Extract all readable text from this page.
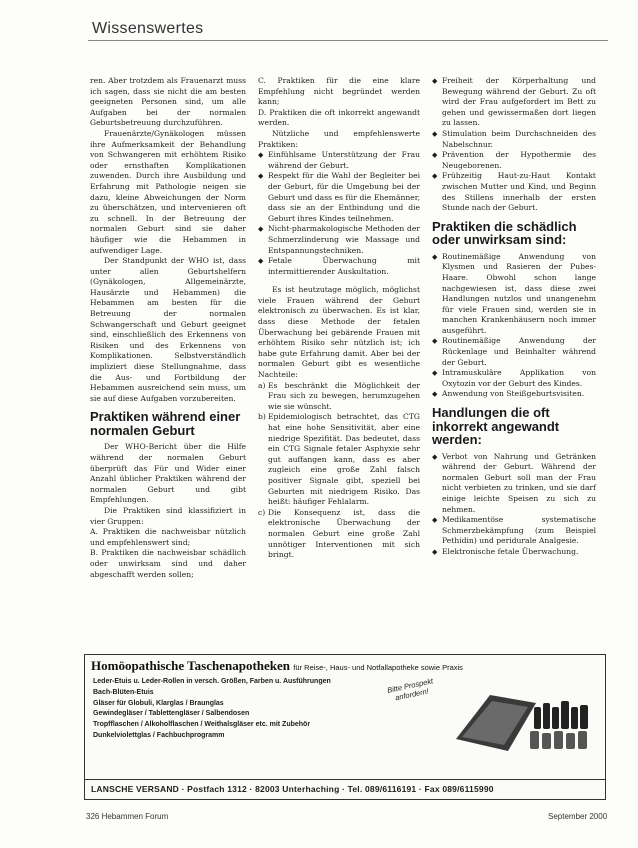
Wissenswertes

ren. Aber trotzdem als Frauenarzt muss ich sagen, dass sie nicht die am besten geeigneten Personen sind, um alle Aufgaben bei der normalen Geburtsbetreuung durchzuführen.

Frauenärzte/Gynäkologen müssen ihre Aufmerksamkeit der Behandlung von Schwangeren mit erhöhtem Risiko oder ernsthaften Komplikationen zuwenden. Durch ihre Ausbildung und Erfahrung mit Pathologie neigen sie dazu, kleine Abweichungen der Norm zu überschätzen, und intervenieren oft zu schnell. In der Betreuung der normalen Geburt sind sie daher häufiger wie die Hebammen in aufwendiger Lage.

Der Standpunkt der WHO ist, dass unter allen Geburtshelfern (Gynäkologen, Allgemeinärzte, Hausärzte und Hebammen) die Hebammen am besten für die Betreuung der normalen Schwangerschaft und Geburt geeignet sind, einschließlich des Erkennens von Risiken und des Erkennens von Komplikationen. Selbstverständlich impliziert diese Stellungnahme, dass die Aus- und Fortbildung der Hebammen ausreichend sein muss, um sie auf diese Aufgaben vorzubereiten.

Praktiken während einer normalen Geburt

Der WHO-Bericht über die Hilfe während der normalen Geburt überprüft das Für und Wider einer Anzahl üblicher Praktiken während der normalen Geburt und gibt Empfehlungen.

Die Praktiken sind klassifiziert in vier Gruppen:

A. Praktiken die nachweisbar nützlich und empfehlenswert sind;

B. Praktiken die nachweisbar schädlich oder unwirksam sind und daher abgeschafft werden sollen;

C. Praktiken für die eine klare Empfehlung nicht begründet werden kann;

D. Praktiken die oft inkorrekt angewandt werden.

Nützliche und empfehlenswerte Praktiken:

◆ Einfühlsame Unterstützung der Frau während der Geburt.
◆ Respekt für die Wahl der Begleiter bei der Geburt, für die Umgebung bei der Geburt und dass es für die Ehemänner, dass sie an der Entbindung und die Geburt ihres Kindes teilnehmen.
◆ Nicht-pharmakologische Methoden der Schmerzlinderung wie Massage und Entspannungstechniken.
◆ Fetale Überwachung mit intermittierender Auskultation.

Es ist heutzutage möglich, möglichst viele Frauen während der Geburt elektronisch zu überwachen. Es ist klar, dass diese Methode der fetalen Überwachung bei gebärende Frauen mit erhöhtem Risiko sehr nützlich ist; ich habe gute Erfahrung damit. Aber bei der normalen Geburt gibt es wesentliche Nachteile:

a) Es beschränkt die Möglichkeit der Frau sich zu bewegen, herumzugehen wie sie wünscht.
b) Epidemiologisch betrachtet, das CTG hat eine hohe Sensitivität, aber eine niedrige Spezifität. Das bedeutet, dass ein CTG Signale fetaler Asphyxie sehr gut auffangen kann, dass es aber zugleich eine große Zahl falsch positiver Signale gibt, speziell bei Geburten mit niedrigem Risiko. Das heißt: häufiger Fehlalarm.
c) Die Konsequenz ist, dass die elektronische Überwachung der normalen Geburt eine große Zahl unnötiger Interventionen mit sich bringt.
◆ Freiheit der Körperhaltung und Bewegung während der Geburt. Zu oft wird der Frau aufgefordert im Bett zu gehen und gewissermaßen dort liegen zu lassen.
◆ Stimulation beim Durchschneiden des Nabelschnur.
◆ Prävention der Hypothermie des Neugeborenen.
◆ Frühzeitig Haut-zu-Haut Kontakt zwischen Mutter und Kind, und Beginn des Stillens innerhalb der ersten Stunde nach der Geburt.
Praktiken die schädlich oder unwirksam sind:
◆ Routinemäßige Anwendung von Klysmen und Rasieren der Pubes-Haare. Obwohl schon lange nachgewiesen ist, dass diese zwei Handlungen nutzlos und unangenehm für viele Frauen sind, werden sie in manchen Krankenhäusern noch immer ausgeführt.
◆ Routinemäßige Anwendung der Rückenlage und Beinhalter während der Geburt.
◆ Intramuskuläre Applikation von Oxytozin vor der Geburt des Kindes.
◆ Anwendung von Steißgeburtsvisiten.
Handlungen die oft inkorrekt angewandt werden:
◆ Verbot von Nahrung und Getränken während der Geburt. Während der normalen Geburt soll man der Frau nicht verbieten zu trinken, und sie darf einige leichte Speisen zu sich zu nehmen.
◆ Medikamentöse systematische Schmerzbekämpfung (zum Beispiel Pethidin) und peridurale Analgesie.
◆ Elektronische fetale Überwachung.
Homöopathische Taschenapotheken für Reise-, Haus- und Notfallapotheke sowie Praxis
Leder-Etuis u. Leder-Rollen in versch. Größen, Farben u. Ausführungen
Bach-Blüten-Etuis
Gläser für Globuli, Klarglas / Braunglas
Gewindegläser / Tablettengläser / Salbendosen
Tropfflaschen / Alkoholflaschen / Weithalsgläser etc. mit Zubehör
Dunkelviolettglas / Fachbuchprogramm
Bitte Prospekt anfordern!
LANSCHE VERSAND · Postfach 1312 · 82003 Unterhaching · Tel. 089/6116191 · Fax 089/6115990
326 Hebammen Forum	September 2000
